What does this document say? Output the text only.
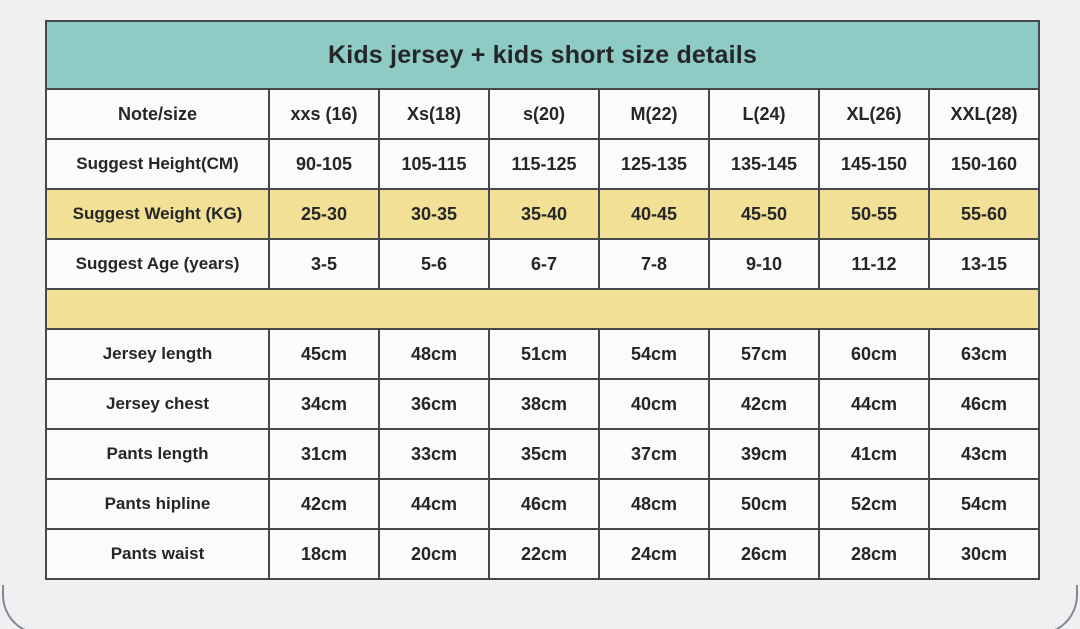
Kids jersey + kids short size details							
Note/size	xxs (16)	Xs(18)	s(20)	M(22)	L(24)	XL(26)	XXL(28)
Suggest Height(CM)	90-105	105-115	115-125	125-135	135-145	145-150	150-160
Suggest Weight (KG)	25-30	30-35	35-40	40-45	45-50	50-55	55-60
Suggest Age (years)	3-5	5-6	6-7	7-8	9-10	11-12	13-15

Jersey length	45cm	48cm	51cm	54cm	57cm	60cm	63cm
Jersey chest	34cm	36cm	38cm	40cm	42cm	44cm	46cm
Pants length	31cm	33cm	35cm	37cm	39cm	41cm	43cm
Pants hipline	42cm	44cm	46cm	48cm	50cm	52cm	54cm
Pants waist	18cm	20cm	22cm	24cm	26cm	28cm	30cm
